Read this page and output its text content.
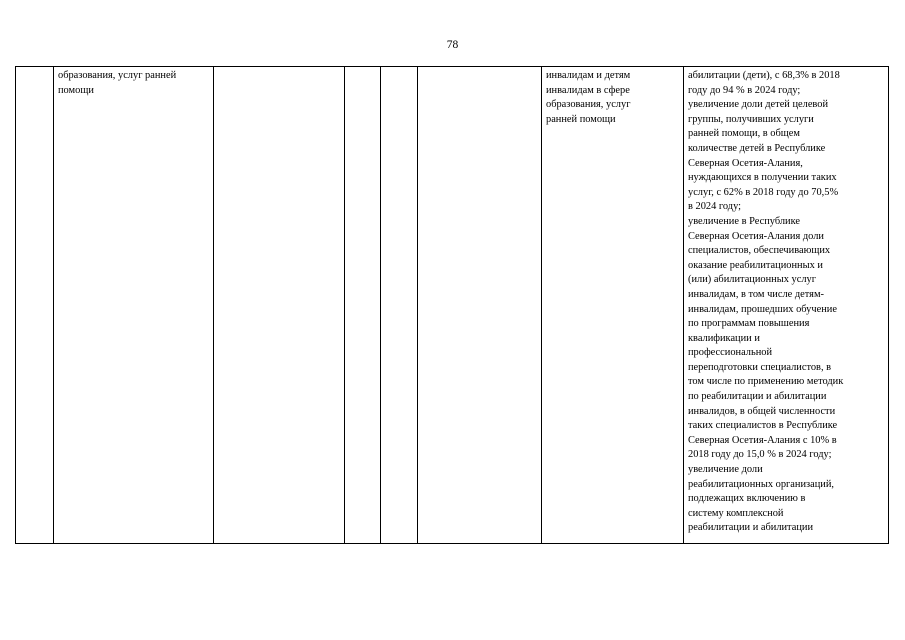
78

образования, услуг ранней
помощи

инвалидам и детям
инвалидам в сфере
образования, услуг
ранней помощи

абилитации (дети), с 68,3% в 2018
году до 94 % в 2024 году;
увеличение доли детей целевой
группы, получивших услуги
ранней помощи, в общем
количестве детей в Республике
Северная Осетия-Алания,
нуждающихся в получении таких
услуг, с 62% в 2018 году до 70,5%
в 2024 году;
увеличение в Республике
Северная Осетия-Алания доли
специалистов, обеспечивающих
оказание реабилитационных и
(или) абилитационных услуг
инвалидам, в том числе детям-
инвалидам, прошедших обучение
по программам повышения
квалификации и
профессиональной
переподготовки специалистов, в
том числе по применению методик
по реабилитации и абилитации
инвалидов, в общей численности
таких специалистов в Республике
Северная Осетия-Алания с 10% в
2018 году до 15,0 % в 2024 году;
увеличение доли
реабилитационных организаций,
подлежащих включению в
систему комплексной
реабилитации и абилитации
